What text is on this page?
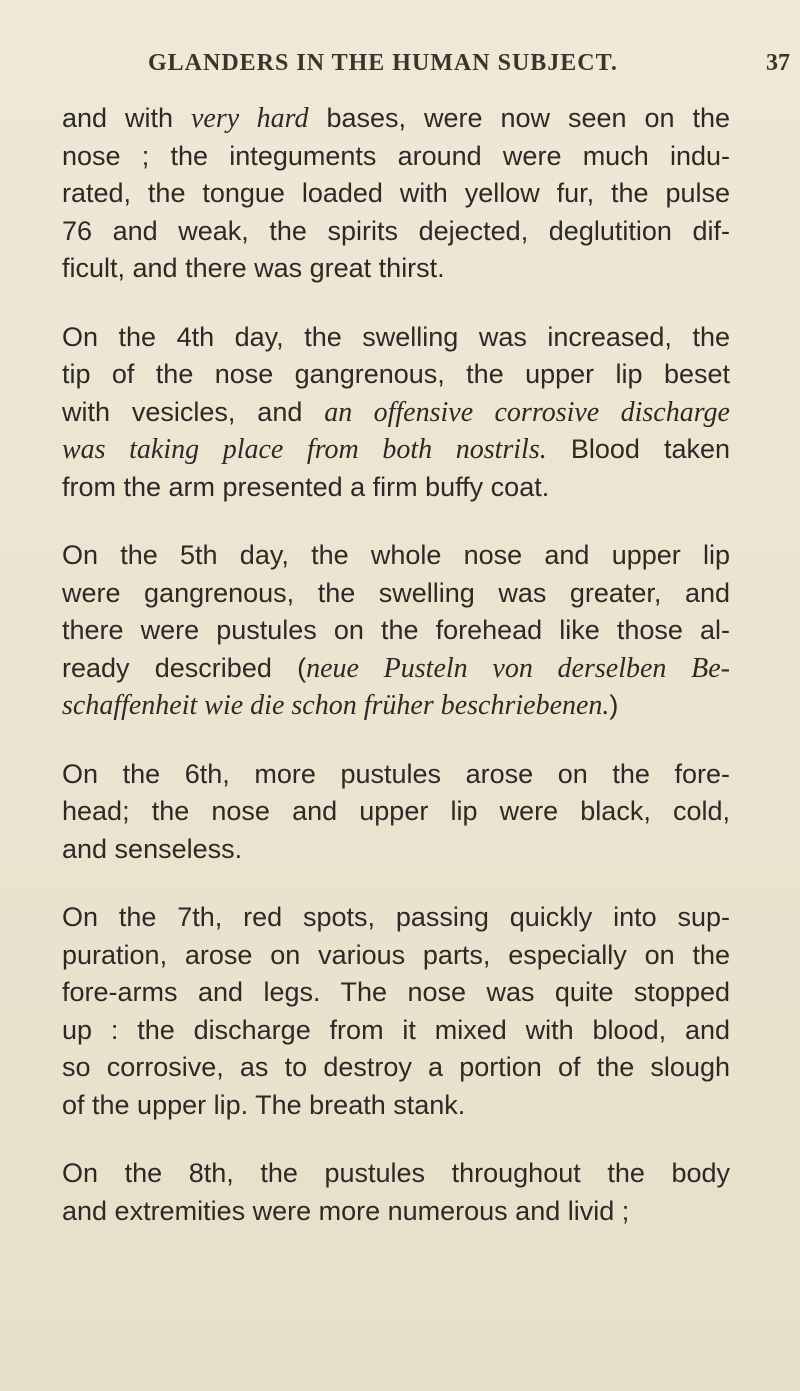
GLANDERS IN THE HUMAN SUBJECT.	37

and with very hard bases, were now seen on the
nose ; the integuments around were much indu-
rated, the tongue loaded with yellow fur, the pulse
76 and weak, the spirits dejected, deglutition dif-
ficult, and there was great thirst.

On the 4th day, the swelling was increased, the
tip of the nose gangrenous, the upper lip beset
with vesicles, and an offensive corrosive discharge
was taking place from both nostrils. Blood taken
from the arm presented a firm buffy coat.

On the 5th day, the whole nose and upper lip
were gangrenous, the swelling was greater, and
there were pustules on the forehead like those al-
ready described (neue Pusteln von derselben Be-
schaffenheit wie die schon früher beschriebenen.)

On the 6th, more pustules arose on the fore-
head; the nose and upper lip were black, cold,
and senseless.

On the 7th, red spots, passing quickly into sup-
puration, arose on various parts, especially on the
fore-arms and legs. The nose was quite stopped
up : the discharge from it mixed with blood, and
so corrosive, as to destroy a portion of the slough
of the upper lip. The breath stank.

On the 8th, the pustules throughout the body
and extremities were more numerous and livid ;
